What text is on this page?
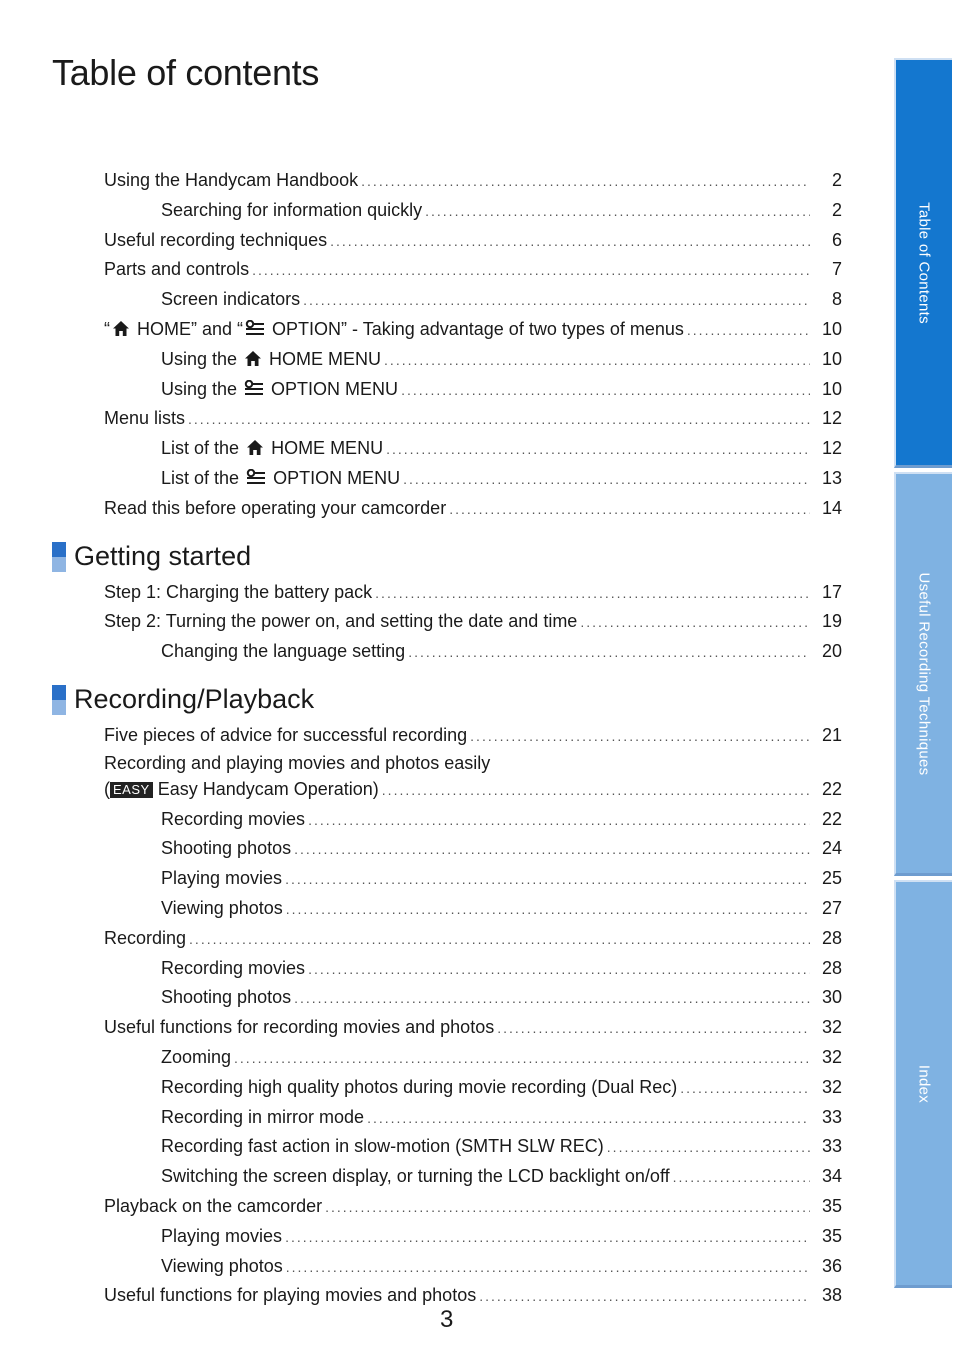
Table of contents
Using the Handycam Handbook .....	2
Searching for information quickly .....	2
Useful recording techniques .....	6
Parts and controls .....	7
Screen indicators .....	8
“ HOME” and “ OPTION” - Taking advantage of two types of menus .....	10
Using the  HOME MENU .....	10
Using the  OPTION MENU .....	10
Menu lists .....	12
List of the  HOME MENU .....	12
List of the  OPTION MENU .....	13
Read this before operating your camcorder .....	14
Getting started
Step 1: Charging the battery pack .....	17
Step 2: Turning the power on, and setting the date and time .....	19
Changing the language setting .....	20
Recording/Playback
Five pieces of advice for successful recording .....	21
Recording and playing movies and photos easily
( EASY Easy Handycam Operation) .....	22
Recording movies .....	22
Shooting photos .....	24
Playing movies .....	25
Viewing photos .....	27
Recording .....	28
Recording movies .....	28
Shooting photos .....	30
Useful functions for recording movies and photos .....	32
Zooming .....	32
Recording high quality photos during movie recording (Dual Rec) .....	32
Recording in mirror mode .....	33
Recording fast action in slow-motion (SMTH SLW REC) .....	33
Switching the screen display, or turning the LCD backlight on/off .....	34
Playback on the camcorder .....	35
Playing movies .....	35
Viewing photos .....	36
Useful functions for playing movies and photos .....	38
Table of Contents
Useful Recording Techniques
Index
3
